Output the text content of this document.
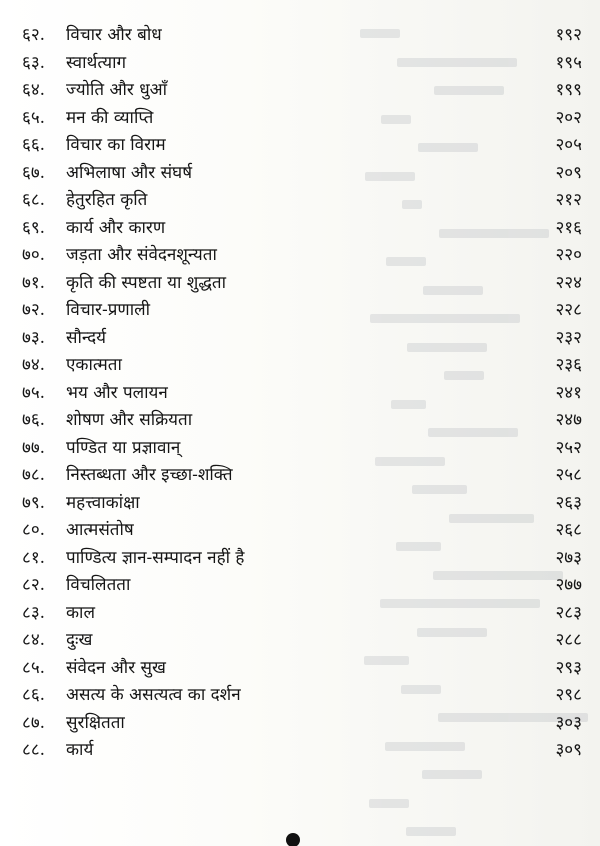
६२.	विचार और बोध	१९२
६३.	स्वार्थत्याग	१९५
६४.	ज्योति और धुआँ	१९९
६५.	मन की व्याप्ति	२०२
६६.	विचार का विराम	२०५
६७.	अभिलाषा और संघर्ष	२०९
६८.	हेतुरहित कृति	२१२
६९.	कार्य और कारण	२१६
७०.	जड़ता और संवेदनशून्यता	२२०
७१.	कृति की स्पष्टता या शुद्धता	२२४
७२.	विचार-प्रणाली	२२८
७३.	सौन्दर्य	२३२
७४.	एकात्मता	२३६
७५.	भय और पलायन	२४१
७६.	शोषण और सक्रियता	२४७
७७.	पण्डित या प्रज्ञावान्	२५२
७८.	निस्तब्धता और इच्छा-शक्ति	२५८
७९.	महत्त्वाकांक्षा	२६३
८०.	आत्मसंतोष	२६८
८१.	पाण्डित्य ज्ञान-सम्पादन नहीं है	२७३
८२.	विचलितता	२७७
८३.	काल	२८३
८४.	दुःख	२८८
८५.	संवेदन और सुख	२९३
८६.	असत्य के असत्यत्व का दर्शन	२९८
८७.	सुरक्षितता	३०३
८८.	कार्य	३०९
